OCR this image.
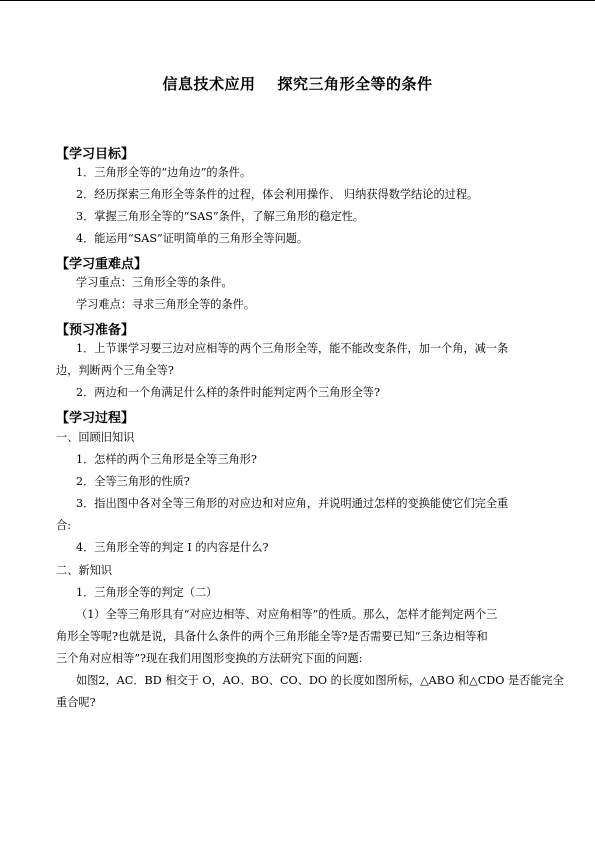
信息技术应用 探究三角形全等的条件
【学习目标】
1．三角形全等的“边角边”的条件。
2．经历探索三角形全等条件的过程，体会利用操作、 归纳获得数学结论的过程。
3．掌握三角形全等的“SAS”条件，了解三角形的稳定性。
4．能运用“SAS”证明简单的三角形全等问题。
【学习重难点】
学习重点：三角形全等的条件。
学习难点：寻求三角形全等的条件。
【预习准备】
1．上节课学习要三边对应相等的两个三角形全等，能不能改变条件，加一个角，减一条
边，判断两个三角全等?
2．两边和一个角满足什么样的条件时能判定两个三角形全等?
【学习过程】
一、回顾旧知识
1．怎样的两个三角形是全等三角形?
2．全等三角形的性质?
3．指出图中各对全等三角形的对应边和对应角，并说明通过怎样的变换能使它们完全重
合:
4．三角形全等的判定 I 的内容是什么?
二、新知识
1．三角形全等的判定（二）
（1）全等三角形具有“对应边相等、对应角相等”的性质。那么，怎样才能判定两个三
角形全等呢?也就是说，具备什么条件的两个三角形能全等?是否需要已知“三条边相等和
三个角对应相等”?现在我们用图形变换的方法研究下面的问题:
如图2，AC．BD 相交于 O，AO、BO、CO、DO 的长度如图所标，△ABO 和△CDO 是否能完全
重合呢?
